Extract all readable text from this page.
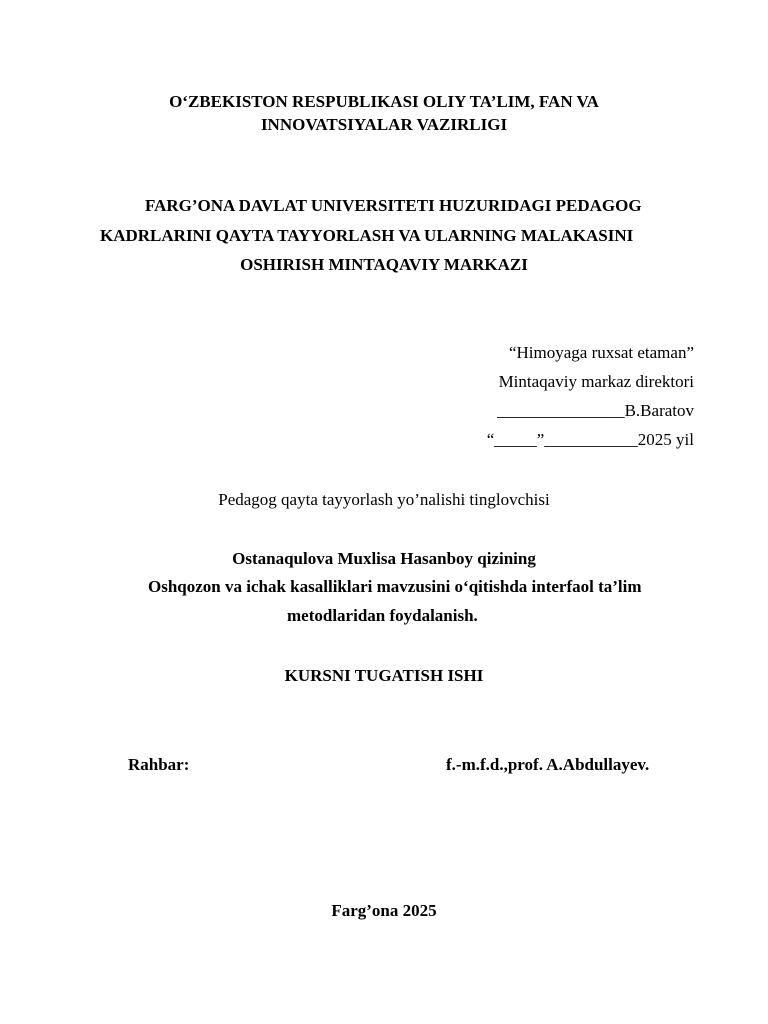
O‘ZBEKISTON RESPUBLIKASI OLIY TA’LIM, FAN VA
INNOVATSIYALAR VAZIRLIGI
FARG’ONA DAVLAT UNIVERSITETI HUZURIDAGI PEDAGOG
KADRLARINI QAYTA TAYYORLASH VA ULARNING MALAKASINI
OSHIRISH MINTAQAVIY MARKAZI
“Himoyaga ruxsat etaman”
Mintaqaviy markaz direktori
_______________B.Baratov
“_____”___________2025 yil
Pedagog qayta tayyorlash yo’nalishi tinglovchisi
Ostanaqulova Muxlisa Hasanboy qizining
Oshqozon va ichak kasalliklari mavzusini o‘qitishda interfaol ta’lim
metodlaridan foydalanish.
KURSNI TUGATISH ISHI
Rahbar:	f.-m.f.d.,prof. A.Abdullayev.
Farg’ona 2025
